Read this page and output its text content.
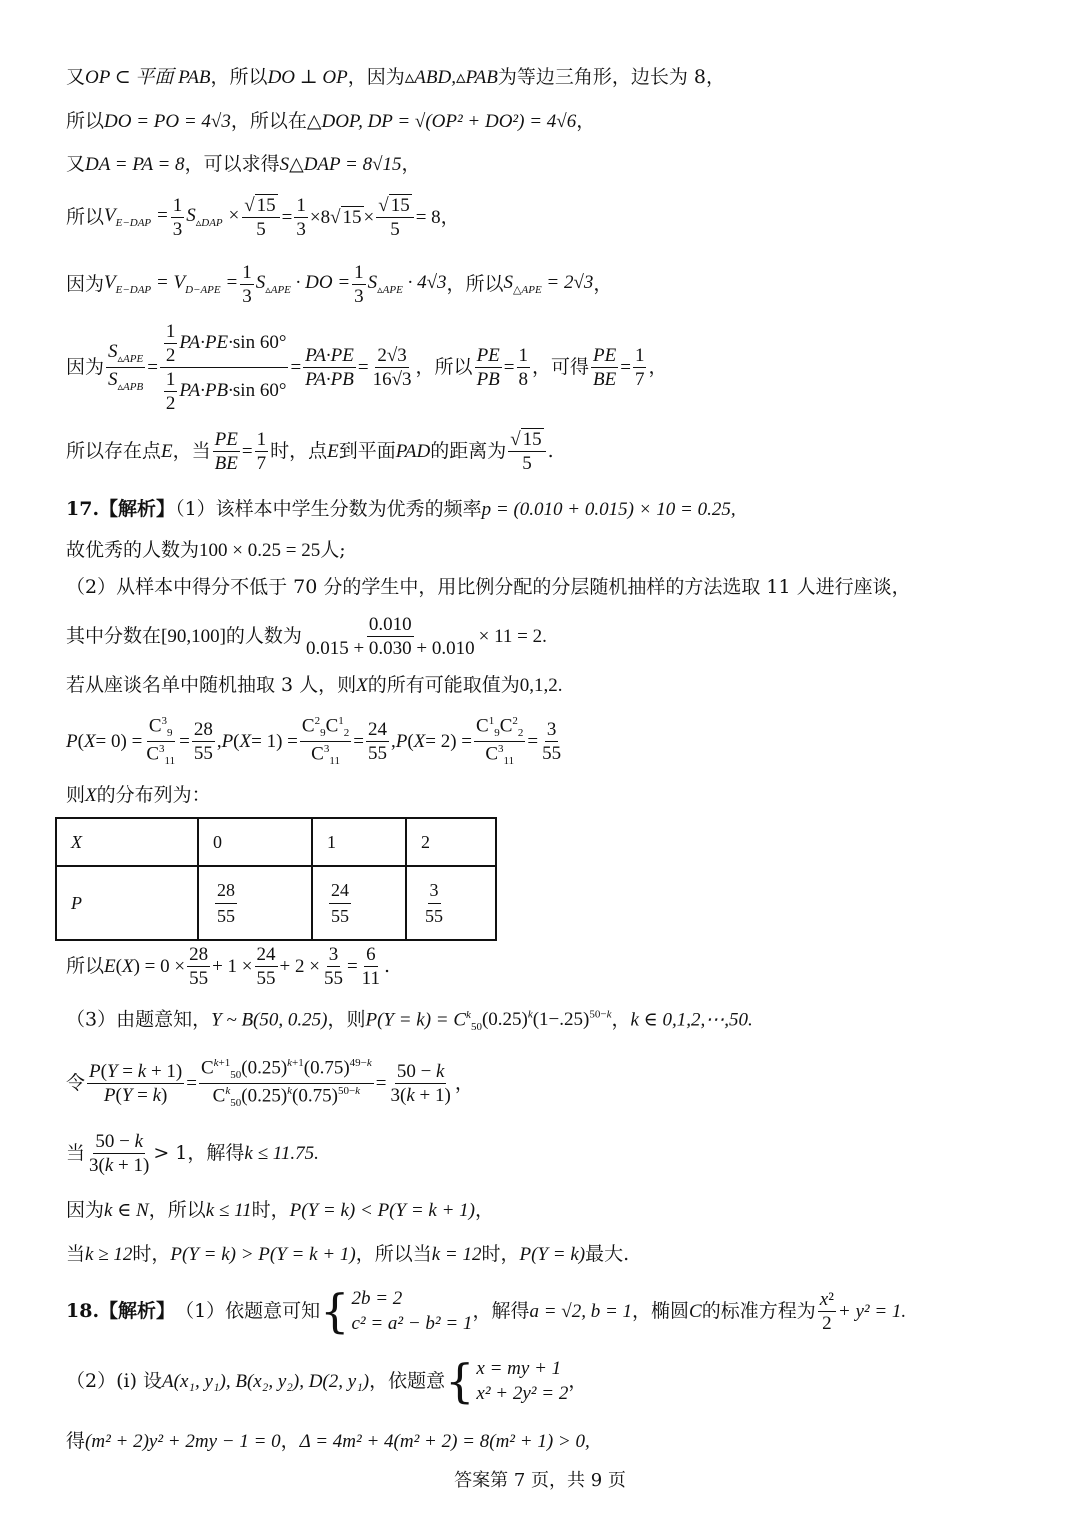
又OP ⊂ 平面 PAB，所以DO ⊥ OP，因为▵ABD,▵PAB为等边三角形，边长为 8，
所以DO = PO = 4√3，所以在△DOP, DP = √(OP² + DO²) = 4√6，
又DA = PA = 8，可以求得S△DAP = 8√15，
所以 $V_{E-DAP} = \frac{1}{3} S_{▵DAP} \times \frac{√ 15}{5} = \frac{1}{3} \times 8√$ $15 \times \frac{√ 15}{5} = 8$ ，
因为 $V_{E-DAP} = V_{D-APE} = \frac{1}{3} S_{▵APE}$ · DO = $\frac{1}{3} S_{▵APE} \cdot 4√3$ ，所以 $S_{\triangle APE} = 2√3$ ，
因为
$S_{▵APE}$
$S_{▵APB}$
= $\frac{\frac{1}{2} PA\cdot PE\cdot\sin 60^\circ}{\frac{1}{2} PA\cdot PB\cdot\sin 60^\circ} = \frac{PA\cdot PE}{PA\cdot PB} = \frac{2√3}{16√3}$ ，所以 $\frac{PE}{PB} = \frac{1}{8}$ ，可得 $\frac{PE}{BE} = \frac{1}{7}$ ，
所以存在点 E ，当 $\frac{PE}{BE} = \frac{1}{7}$ 时，点 E 到平面 PAD 的距离为
√ 15
5
.
17.【解析】（1）该样本中学生分数为优秀的频率p = (0.010 + 0.015) × 10 = 0.25,
故优秀的人数为100 × 0.25 = 25人;
（2）从样本中得分不低于 70 分的学生中，用比例分配的分层随机抽样的方法选取 11 人进行座谈，
其中分数在 [90,100] 的人数为 $\frac{0.010}{0.015 + 0.030 + 0.010} \times 11 = 2$.
若从座谈名单中随机抽取 3 人，则X的所有可能取值为0,1,2.
P ( $X = 0) = \frac{C^3_9}{C^3_{11}} = \frac{28}{55}$ , P ( $X = 1) = \frac{C^2_9C^1_2}{C^3_{11}} = \frac{24}{55}$ , P ( $X = 2) = \frac{C^1_9C^2_2}{C^3_{11}} = \frac{3}{55}$
则X的分布列为：
X	0	1	2
P	$\frac{28}{55}$	$\frac{24}{55}$	$\frac{3}{55}$
所以 E ( X ) = $0 \times \frac{28}{55} + 1 \times \frac{24}{55} + 2 \times \frac{3}{55} = \frac{6}{11}$ .
（3）由题意知，Y ~ B(50, 0.25)，则$P(Y = k) = C^k_{50}(0.25)^k(1-.25)^{50-k}$，k ∈ 0,1,2,⋯,50.
令 $\frac{P(Y = k + 1)}{P(Y = k)} = \frac{C^{k+1}_{50}(0.25)^{k+1}(0.75)^{49-k}}{C^k_{50}(0.25)^k(0.75)^{50-k}} = \frac{50 - k}{3(k + 1)}$ ，
当
50 − k
3(k + 1)
> 1，解得 k ≤ 11.75.
因为k ∈ N，所以k ≤ 11时，P(Y = k) < P(Y = k + 1)，
当k ≥ 12时，P(Y = k) > P(Y = k + 1)，所以当k = 12时，P(Y = k)最大.
18.【解析】 （1）依题意可知 { 2b = 2
c² = a² − b² = 1
，解得 a = √2, b = 1 ，椭圆 C 的标准方程为
x²
2
+ y² = 1.
（2）(i) 设 A(x₁, y₁), B(x₂, y₂), D(2, y₁) ，依题意 { x = my + 1
x² + 2y² = 2
，
得(m² + 2)y² + 2my − 1 = 0，Δ = 4m² + 4(m² + 2) = 8(m² + 1) > 0,
答案第 7 页，共 9 页
